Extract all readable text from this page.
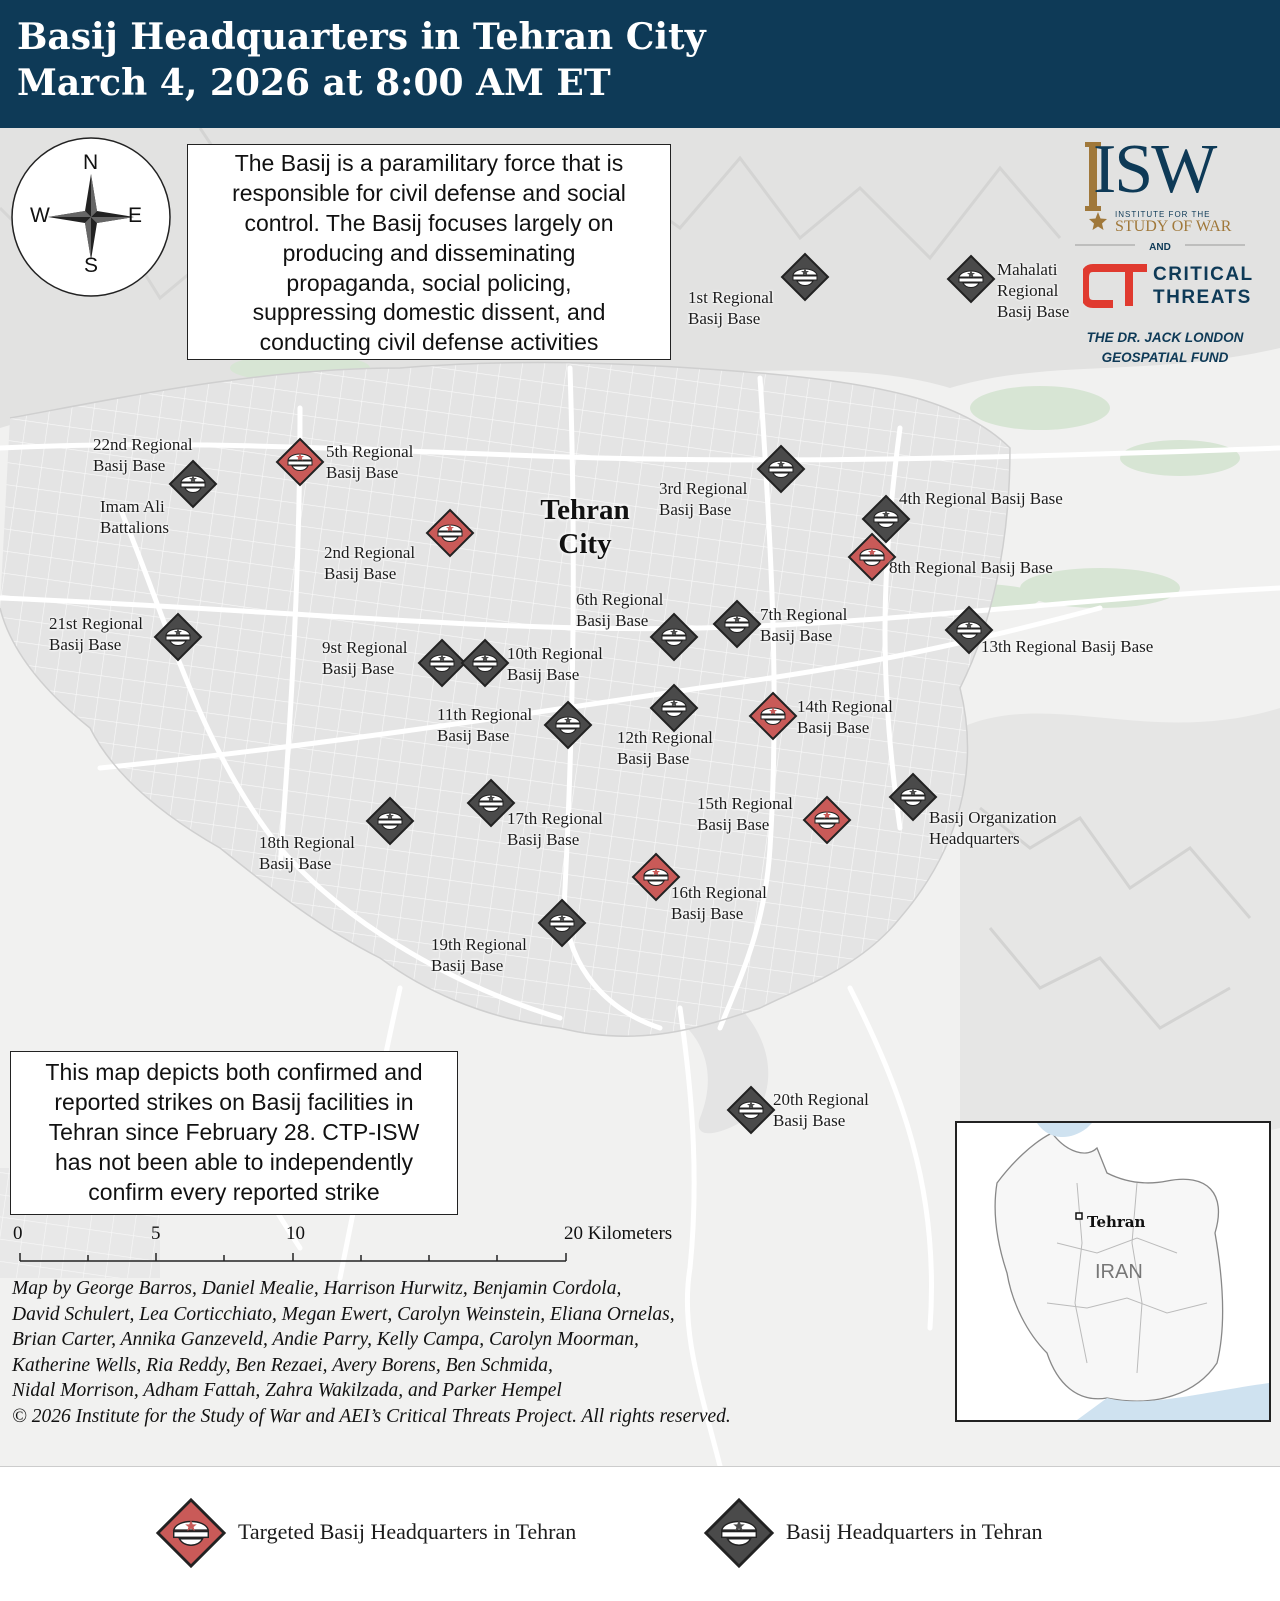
Basij Headquarters in Tehran City
March 4, 2026 at 8:00 AM ET
The Basij is a paramilitary force that is
responsible for civil defense and social
control. The Basij focuses largely on
producing and disseminating
propaganda, social policing,
suppressing domestic dissent, and
conducting civil defense activities
N
S
E
W
ISW
INSTITUTE FOR THE
STUDY OF WAR
AND
CRITICAL
THREATS
THE DR. JACK LONDON
GEOSPATIAL FUND
Tehran
City
1st Regional
Basij Base
Mahalati
Regional
Basij Base
22nd Regional
Basij Base
Imam Ali
Battalions
5th Regional
Basij Base
3rd Regional
Basij Base
4th Regional Basij Base
2nd Regional
Basij Base	8th Regional Basij Base
21st Regional
Basij Base
6th Regional
Basij Base	7th Regional
Basij Base
13th Regional Basij Base
9st Regional
Basij Base
10th Regional
Basij Base
11th Regional
Basij Base	12th Regional
Basij Base
14th Regional
Basij Base
15th Regional
Basij Base	Basij Organization
Headquarters
17th Regional
Basij Base
18th Regional
Basij Base
16th Regional
Basij Base
19th Regional
Basij Base
20th Regional
Basij Base
This map depicts both confirmed and
reported strikes on Basij facilities in
Tehran since February 28. CTP-ISW
has not been able to independently
confirm every reported strike
0	5	10	20 Kilometers
Map by George Barros, Daniel Mealie, Harrison Hurwitz, Benjamin Cordola,
David Schulert, Lea Corticchiato, Megan Ewert, Carolyn Weinstein, Eliana Ornelas,
Brian Carter, Annika Ganzeveld, Andie Parry, Kelly Campa, Carolyn Moorman,
Katherine Wells, Ria Reddy, Ben Rezaei, Avery Borens, Ben Schmida,
Nidal Morrison, Adham Fattah, Zahra Wakilzada, and Parker Hempel
© 2026 Institute for the Study of War and AEI’s Critical Threats Project. All rights reserved.
Tehran
IRAN
Targeted Basij Headquarters in Tehran	Basij Headquarters in Tehran
